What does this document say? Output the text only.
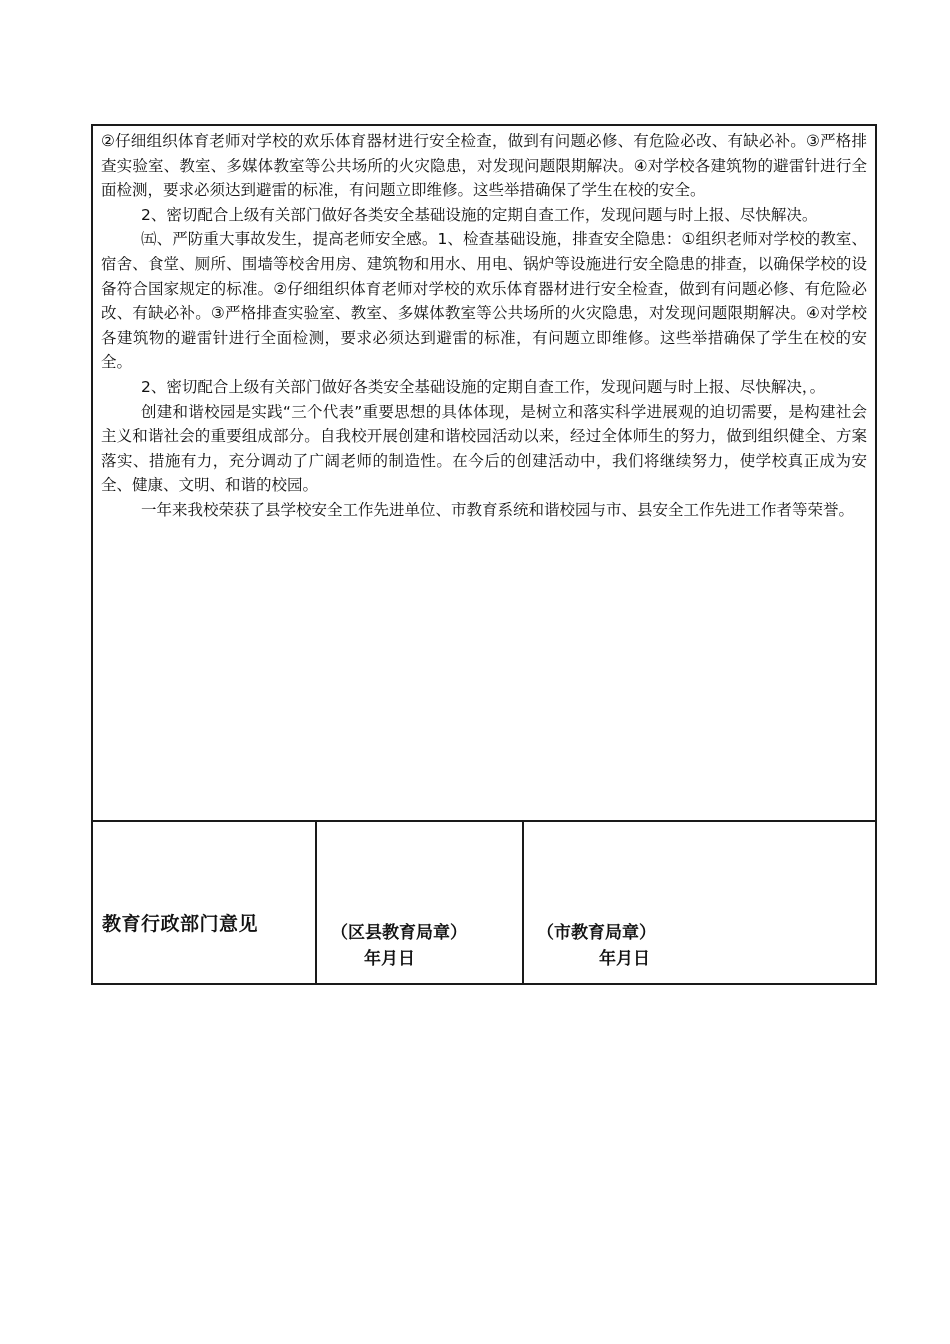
②仔细组织体育老师对学校的欢乐体育器材进行安全检查，做到有问题必修、有危险必改、有缺必补。③严格排查实验室、教室、多媒体教室等公共场所的火灾隐患，对发现问题限期解决。④对学校各建筑物的避雷针进行全面检测，要求必须达到避雷的标准，有问题立即维修。这些举措确保了学生在校的安全。

2、密切配合上级有关部门做好各类安全基础设施的定期自查工作，发现问题与时上报、尽快解决。

㈤、严防重大事故发生，提高老师安全感。1、检查基础设施，排查安全隐患：①组织老师对学校的教室、宿舍、食堂、厕所、围墙等校舍用房、建筑物和用水、用电、锅炉等设施进行安全隐患的排查，以确保学校的设备符合国家规定的标准。②仔细组织体育老师对学校的欢乐体育器材进行安全检查，做到有问题必修、有危险必改、有缺必补。③严格排查实验室、教室、多媒体教室等公共场所的火灾隐患，对发现问题限期解决。④对学校各建筑物的避雷针进行全面检测，要求必须达到避雷的标准，有问题立即维修。这些举措确保了学生在校的安全。

2、密切配合上级有关部门做好各类安全基础设施的定期自查工作，发现问题与时上报、尽快解决，。

创建和谐校园是实践“三个代表”重要思想的具体体现，是树立和落实科学进展观的迫切需要，是构建社会主义和谐社会的重要组成部分。自我校开展创建和谐校园活动以来，经过全体师生的努力，做到组织健全、方案落实、措施有力，充分调动了广阔老师的制造性。在今后的创建活动中，我们将继续努力，使学校真正成为安全、健康、文明、和谐的校园。

一年来我校荣获了县学校安全工作先进单位、市教育系统和谐校园与市、县安全工作先进工作者等荣誉。

教育行政部门意见	（区县教育局章）
年月日
（市教育局章）
年月日
